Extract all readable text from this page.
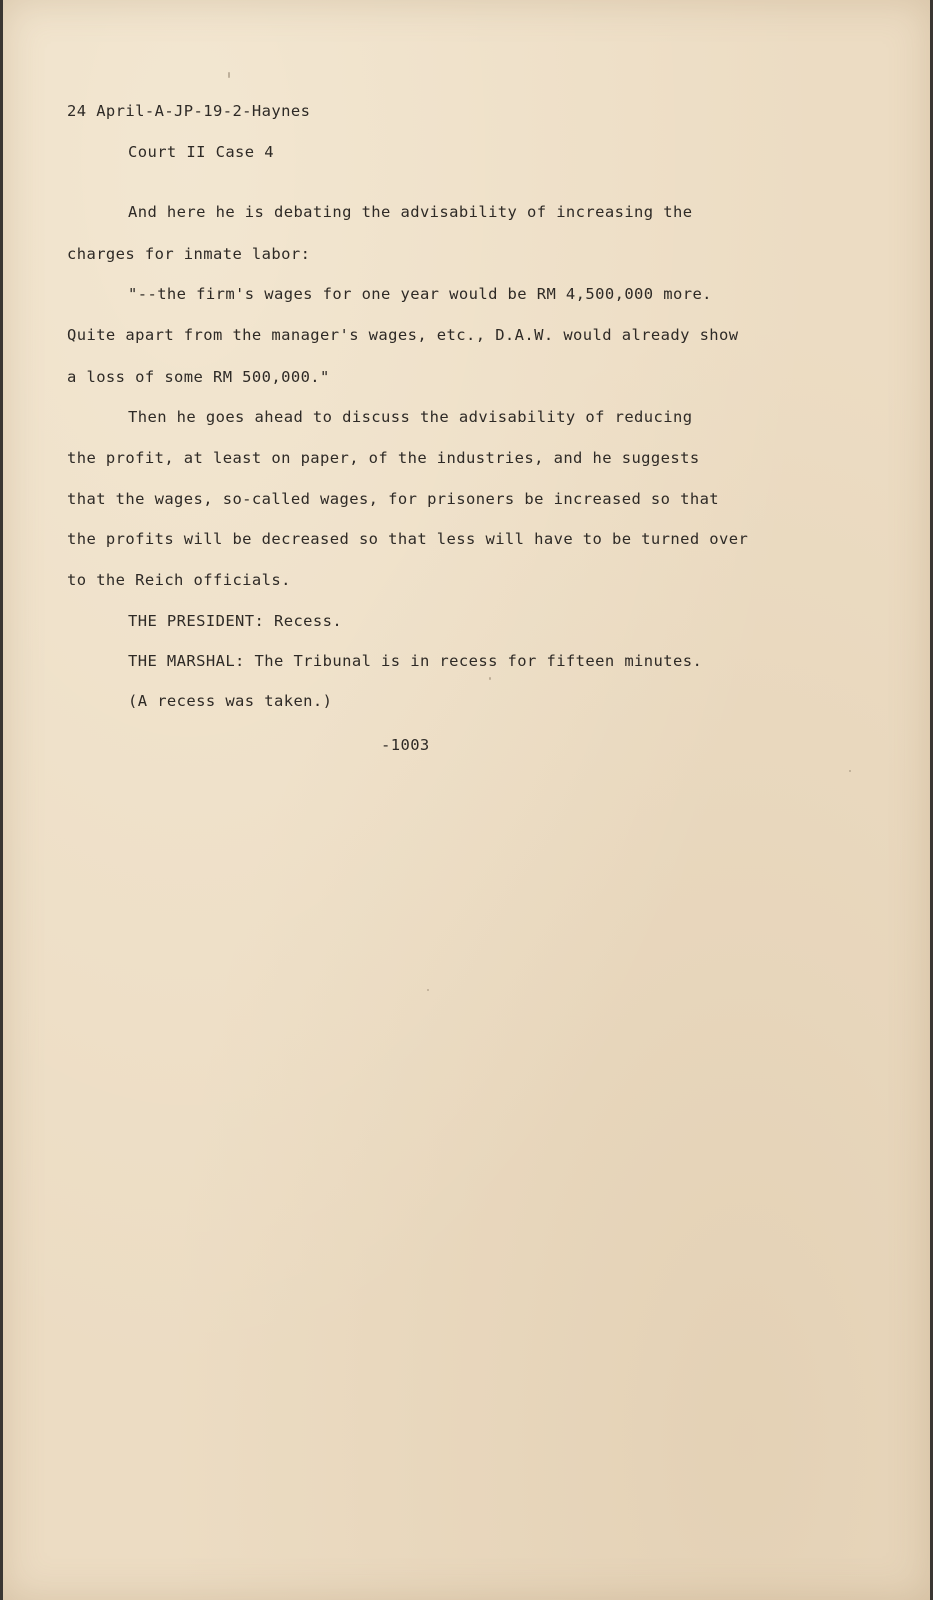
24 April-A-JP-19-2-Haynes
Court II Case 4
And here he is debating the advisability of increasing the
charges for inmate labor:
"--the firm's wages for one year would be RM 4,500,000 more.
Quite apart from the manager's wages, etc., D.A.W. would already show
a loss of some RM 500,000."
Then he goes ahead to discuss the advisability of reducing
the profit, at least on paper, of the industries, and he suggests
that the wages, so-called wages, for prisoners be increased so that
the profits will be decreased so that less will have to be turned over
to the Reich officials.
THE PRESIDENT: Recess.
THE MARSHAL: The Tribunal is in recess for fifteen minutes.
(A recess was taken.)
-1003
